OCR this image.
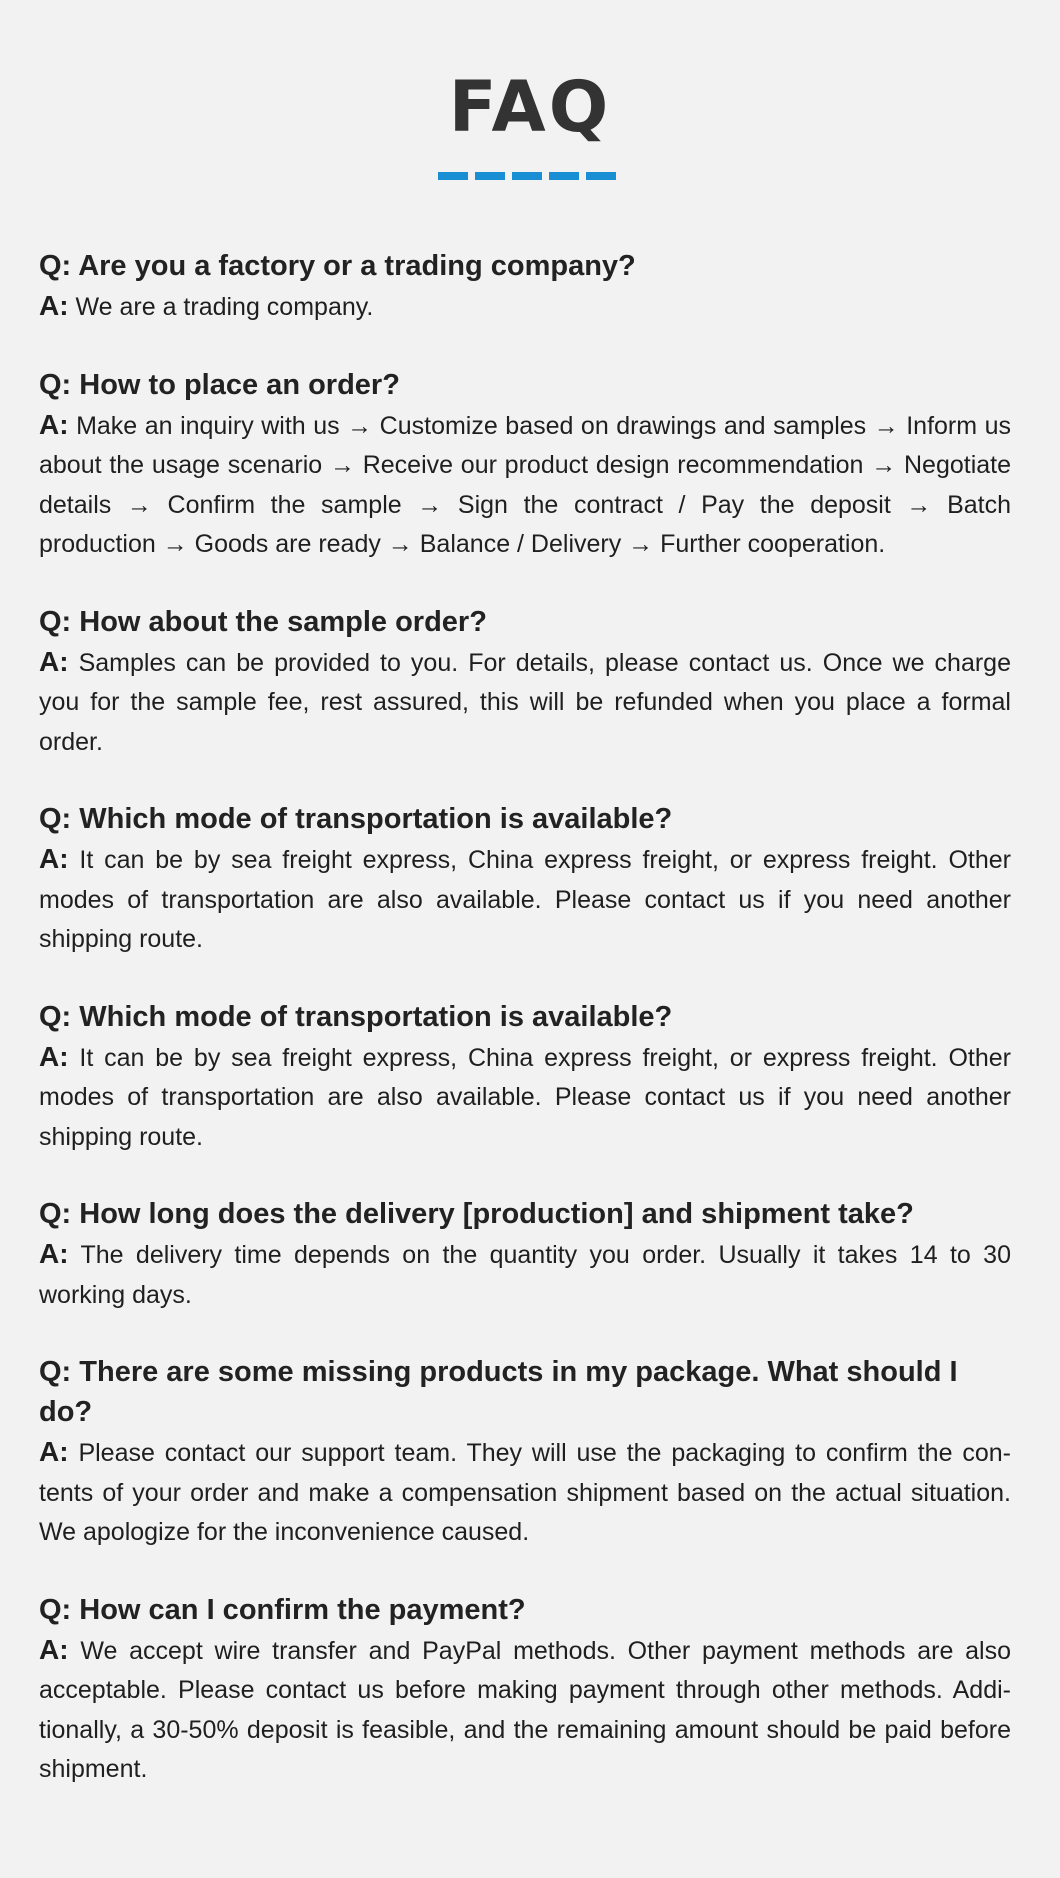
FAQ
Q: Are you a factory or a trading company?
A: We are a trading company.
Q: How to place an order?
A: Make an inquiry with us → Customize based on drawings and samples → Inform us about the usage scenario → Receive our product design recommendation → Negotiate details → Confirm the sample → Sign the contract / Pay the deposit → Batch production → Goods are ready → Balance / Delivery → Further cooperation.
Q: How about the sample order?
A: Samples can be provided to you. For details, please contact us. Once we charge you for the sample fee, rest assured, this will be refunded when you place a formal order.
Q: Which mode of transportation is available?
A: It can be by sea freight express, China express freight, or express freight. Other modes of transportation are also available. Please contact us if you need another shipping route.
Q: Which mode of transportation is available?
A: It can be by sea freight express, China express freight, or express freight. Other modes of transportation are also available. Please contact us if you need another shipping route.
Q: How long does the delivery [production] and shipment take?
A: The delivery time depends on the quantity you order. Usually it takes 14 to 30 working days.
Q: There are some missing products in my package. What should I do?
A: Please contact our support team. They will use the packaging to confirm the contents of your order and make a compensation shipment based on the actual situation. We apologize for the inconvenience caused.
Q: How can I confirm the payment?
A: We accept wire transfer and PayPal methods. Other payment methods are also acceptable. Please contact us before making payment through other methods. Additionally, a 30-50% deposit is feasible, and the remaining amount should be paid before shipment.
